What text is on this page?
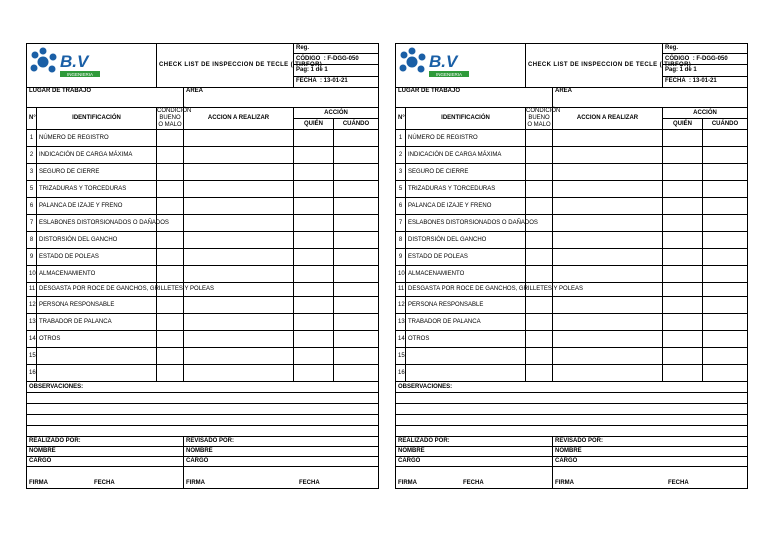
B.V
INGENIERIA		CHECK LIST DE INSPECCION DE TECLE ( TIRFOR)		Reg.	
				CÓDIGO : F-DGG-050	
				Pag: 1 de 1	
				FECHA : 13-01-21	
LUGAR DE TRABAJO			AREA		
N°	IDENTIFICACIÓN	CONDICIÓN
BUENO
O MALO	ACCION A REALIZAR	ACCIÓN	
				QUIÉN	CUÁNDO
1	NÚMERO DE REGISTRO				
2	INDICACIÓN DE CARGA MÁXIMA				
3	SEGURO DE CIERRE				
5	TRIZADURAS Y TORCEDURAS				
6	PALANCA DE IZAJE Y FRENO				
7	ESLABONES DISTORSIONADOS O DAÑADOS				
8	DISTORSIÓN DEL GANCHO				
9	ESTADO DE POLEAS				
10	ALMACENAMIENTO				
11	DESGASTA POR ROCE DE GANCHOS, GRILLETES Y POLEAS				
12	PERSONA RESPONSABLE				
13	TRABADOR DE PALANCA				
14	OTROS				
15					
16					
OBSERVACIONES:					

REALIZADO POR:			REVISADO POR:		
NOMBRE			NOMBRE		
CARGO			CARGO		
FIRMA FECHA			FIRMA FECHA		
B.V
INGENIERIA		CHECK LIST DE INSPECCION DE TECLE ( TIRFOR)		Reg.	
				CÓDIGO : F-DGG-050	
				Pag: 1 de 1	
				FECHA : 13-01-21	
LUGAR DE TRABAJO			AREA		
N°	IDENTIFICACIÓN	CONDICIÓN
BUENO
O MALO	ACCION A REALIZAR	ACCIÓN	
				QUIÉN	CUÁNDO
1	NÚMERO DE REGISTRO				
2	INDICACIÓN DE CARGA MÁXIMA				
3	SEGURO DE CIERRE				
5	TRIZADURAS Y TORCEDURAS				
6	PALANCA DE IZAJE Y FRENO				
7	ESLABONES DISTORSIONADOS O DAÑADOS				
8	DISTORSIÓN DEL GANCHO				
9	ESTADO DE POLEAS				
10	ALMACENAMIENTO				
11	DESGASTA POR ROCE DE GANCHOS, GRILLETES Y POLEAS				
12	PERSONA RESPONSABLE				
13	TRABADOR DE PALANCA				
14	OTROS				
15					
16					
OBSERVACIONES:					

REALIZADO POR:			REVISADO POR:		
NOMBRE			NOMBRE		
CARGO			CARGO		
FIRMA FECHA			FIRMA FECHA		
